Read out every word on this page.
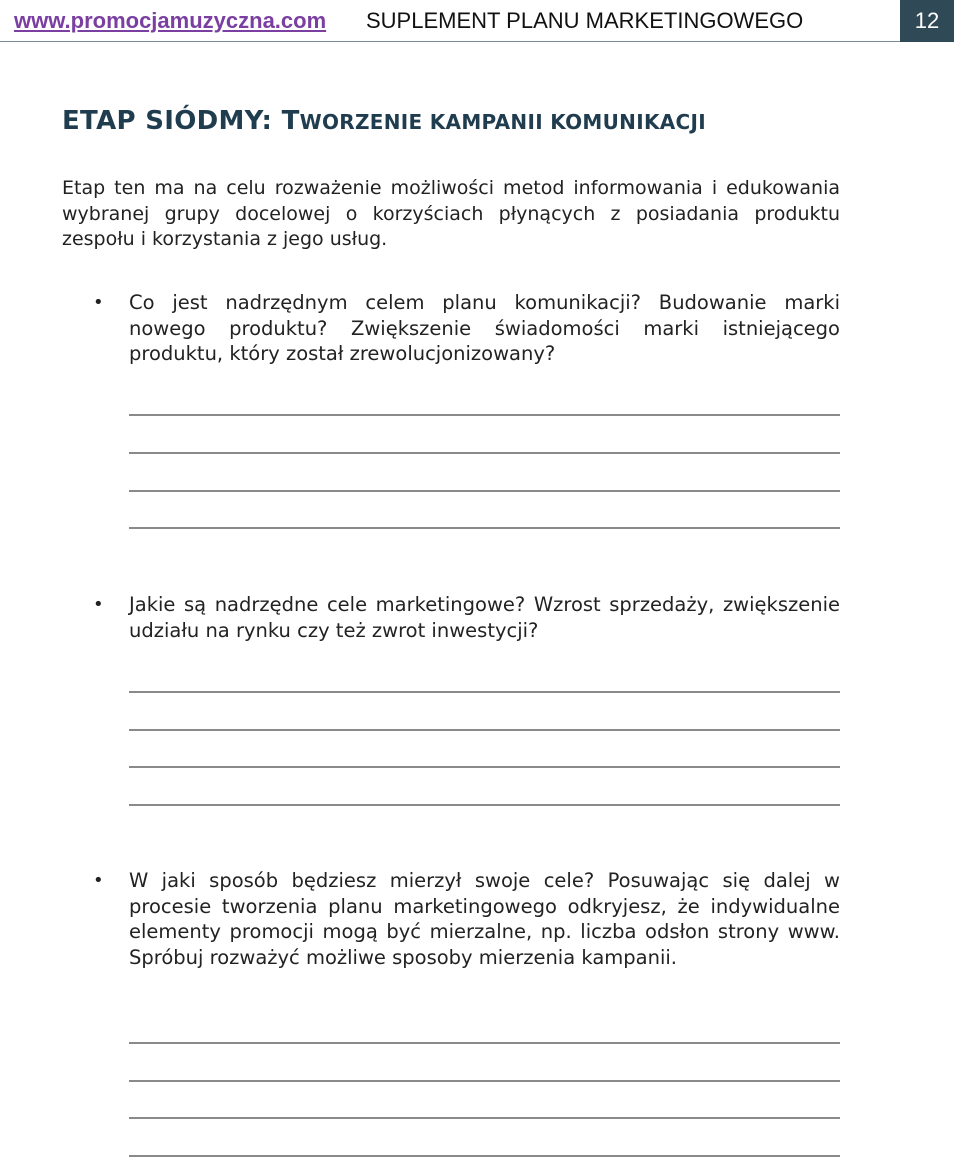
www.promocjamuzyczna.com SUPLEMENT PLANU MARKETINGOWEGO	12
ETAP SIÓDMY: TWORZENIE KAMPANII KOMUNIKACJI
Etap ten ma na celu rozważenie możliwości metod informowania i edukowania wybranej grupy docelowej o korzyściach płynących z posiadania produktu zespołu i korzystania z jego usług.
• Co jest nadrzędnym celem planu komunikacji? Budowanie marki nowego produktu? Zwiększenie świadomości marki istniejącego produktu, który został zrewolucjonizowany?
• Jakie są nadrzędne cele marketingowe? Wzrost sprzedaży, zwiększenie udziału na rynku czy też zwrot inwestycji?
• W jaki sposób będziesz mierzył swoje cele? Posuwając się dalej w procesie tworzenia planu marketingowego odkryjesz, że indywidualne elementy promocji mogą być mierzalne, np. liczba odsłon strony www. Spróbuj rozważyć możliwe sposoby mierzenia kampanii.
